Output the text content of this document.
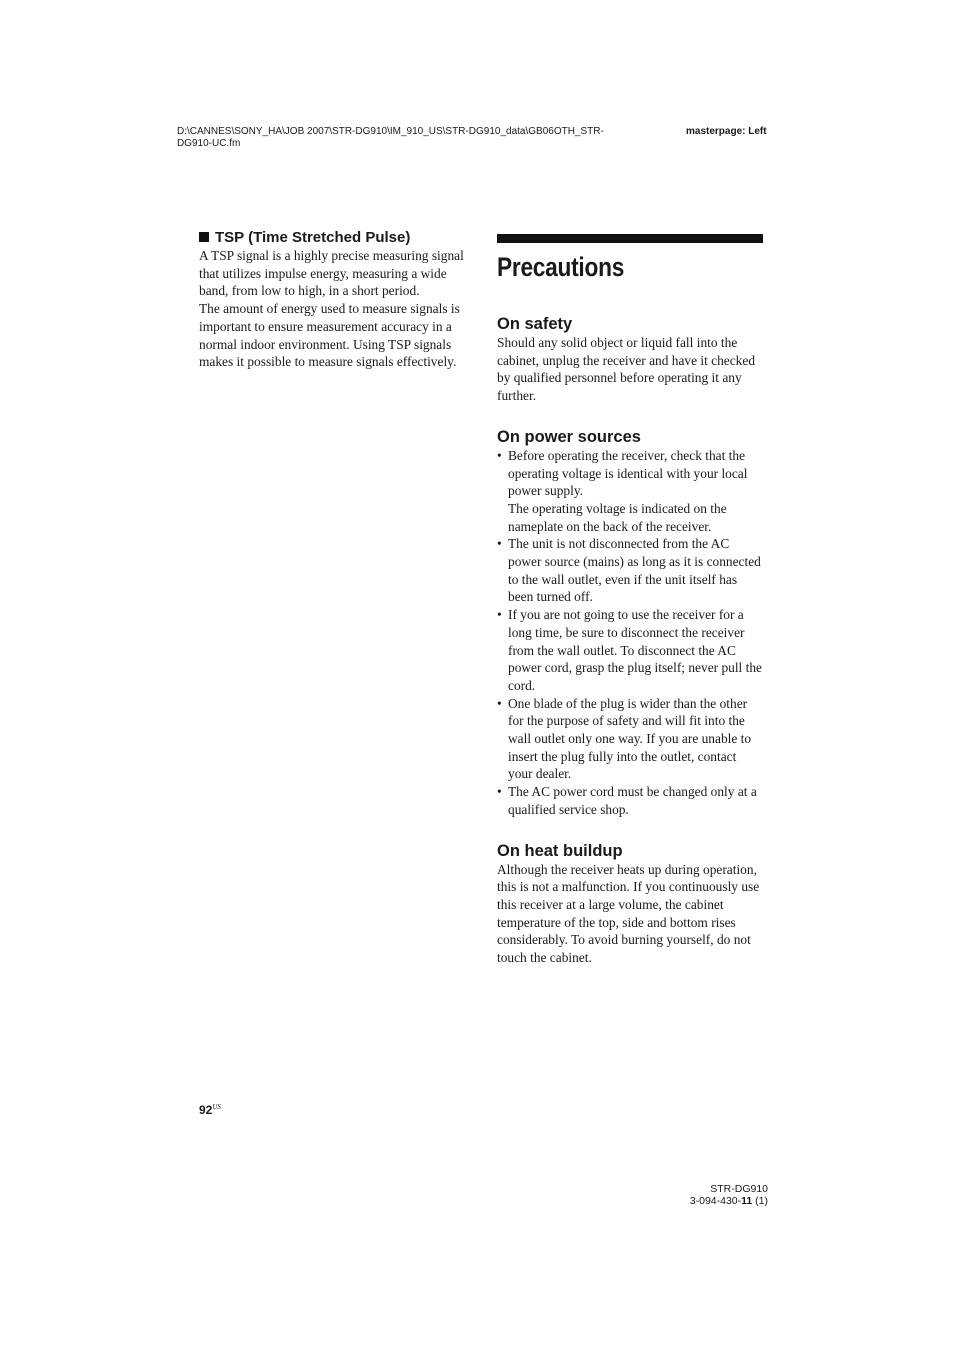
D:\CANNES\SONY_HA\JOB 2007\STR-DG910\IM_910_US\STR-DG910_data\GB06OTH_STR-
DG910-UC.fm
masterpage: Left
TSP (Time Stretched Pulse)

A TSP signal is a highly precise measuring signal that utilizes impulse energy, measuring a wide band, from low to high, in a short period.

The amount of energy used to measure signals is important to ensure measurement accuracy in a normal indoor environment. Using TSP signals makes it possible to measure signals effectively.

Precautions
On safety

Should any solid object or liquid fall into the cabinet, unplug the receiver and have it checked by qualified personnel before operating it any further.

On power sources
• Before operating the receiver, check that the operating voltage is identical with your local power supply.
The operating voltage is indicated on the nameplate on the back of the receiver.
• The unit is not disconnected from the AC power source (mains) as long as it is connected to the wall outlet, even if the unit itself has been turned off.
• If you are not going to use the receiver for a long time, be sure to disconnect the receiver from the wall outlet. To disconnect the AC power cord, grasp the plug itself; never pull the cord.
• One blade of the plug is wider than the other for the purpose of safety and will fit into the wall outlet only one way. If you are unable to insert the plug fully into the outlet, contact your dealer.
• The AC power cord must be changed only at a qualified service shop.
On heat buildup

Although the receiver heats up during operation, this is not a malfunction. If you continuously use this receiver at a large volume, the cabinet temperature of the top, side and bottom rises considerably. To avoid burning yourself, do not touch the cabinet.

$92^{US}$
STR-DG910
3-094-430-11 (1)
